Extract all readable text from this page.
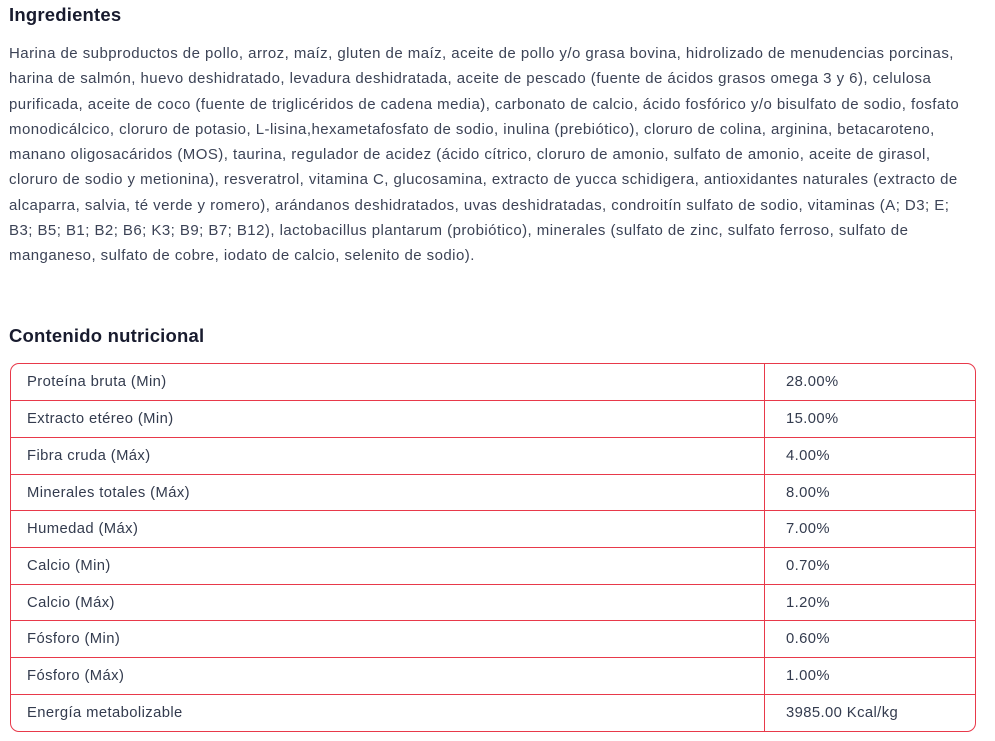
Ingredientes

Harina de subproductos de pollo, arroz, maíz, gluten de maíz, aceite de pollo y/o grasa bovina, hidrolizado de menudencias porcinas, harina de salmón, huevo deshidratado, levadura deshidratada, aceite de pescado (fuente de ácidos grasos omega 3 y 6), celulosa purificada, aceite de coco (fuente de triglicéridos de cadena media), carbonato de calcio, ácido fosfórico y/o bisulfato de sodio, fosfato monodicálcico, cloruro de potasio, L-lisina,hexametafosfato de sodio, inulina (prebiótico), cloruro de colina, arginina, betacaroteno, manano oligosacáridos (MOS), taurina, regulador de acidez (ácido cítrico, cloruro de amonio, sulfato de amonio, aceite de girasol, cloruro de sodio y metionina), resveratrol, vitamina C, glucosamina, extracto de yucca schidigera, antioxidantes naturales (extracto de alcaparra, salvia, té verde y romero), arándanos deshidratados, uvas deshidratadas, condroitín sulfato de sodio, vitaminas (A; D3; E; B3; B5; B1; B2; B6; K3; B9; B7; B12), lactobacillus plantarum (probiótico), minerales (sulfato de zinc, sulfato ferroso, sulfato de manganeso, sulfato de cobre, iodato de calcio, selenito de sodio).

Contenido nutricional
Proteína bruta (Min)	28.00%
Extracto etéreo (Min)	15.00%
Fibra cruda (Máx)	4.00%
Minerales totales (Máx)	8.00%
Humedad (Máx)	7.00%
Calcio (Min)	0.70%
Calcio (Máx)	1.20%
Fósforo (Min)	0.60%
Fósforo (Máx)	1.00%
Energía metabolizable	3985.00 Kcal/kg
